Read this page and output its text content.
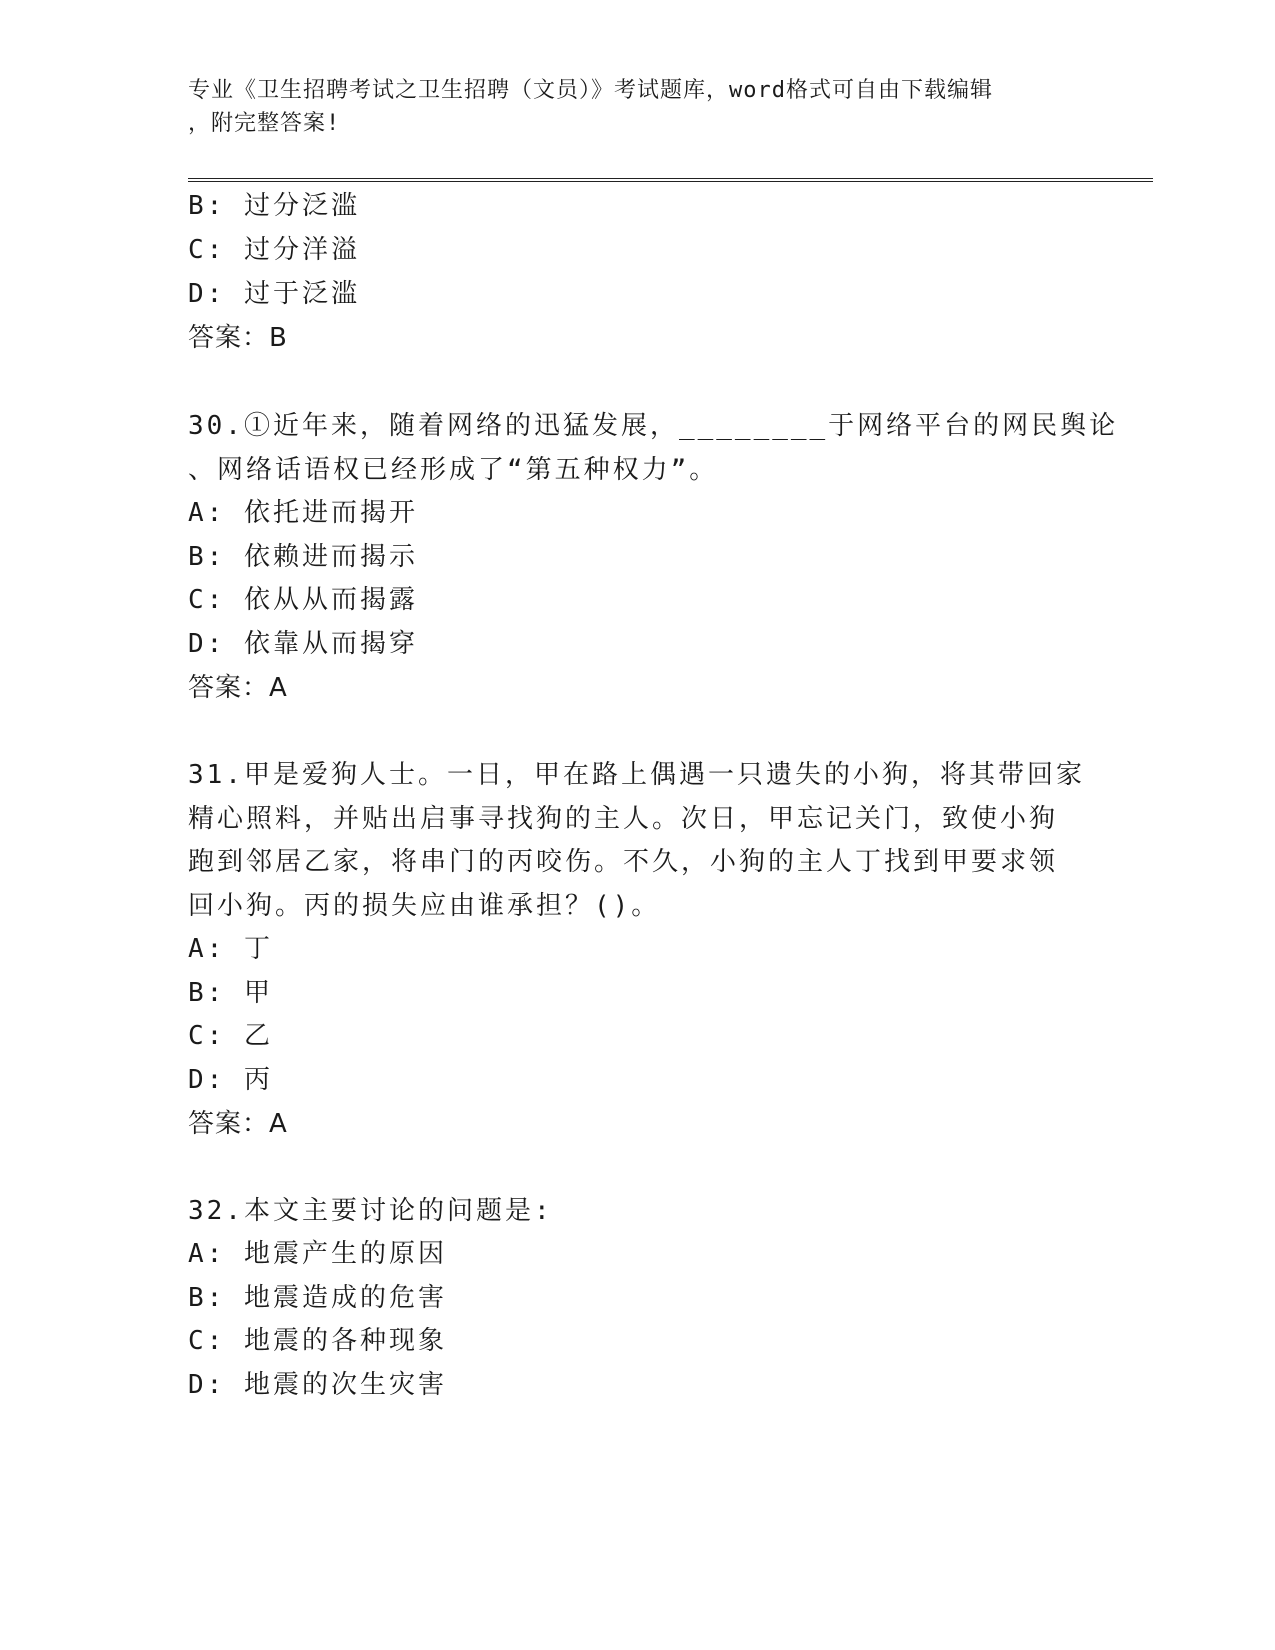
专业《卫生招聘考试之卫生招聘（文员）》考试题库，word格式可自由下载编辑
，附完整答案!
B: 过分泛滥
C: 过分洋溢
D: 过于泛滥
答案：B
30.①近年来，随着网络的迅猛发展，________于网络平台的网民舆论
、网络话语权已经形成了“第五种权力”。
A: 依托进而揭开
B: 依赖进而揭示
C: 依从从而揭露
D: 依靠从而揭穿
答案：A
31.甲是爱狗人士。一日，甲在路上偶遇一只遗失的小狗，将其带回家
精心照料，并贴出启事寻找狗的主人。次日，甲忘记关门，致使小狗
跑到邻居乙家，将串门的丙咬伤。不久，小狗的主人丁找到甲要求领
回小狗。丙的损失应由谁承担？()。
A: 丁
B: 甲
C: 乙
D: 丙
答案：A
32.本文主要讨论的问题是:
A: 地震产生的原因
B: 地震造成的危害
C: 地震的各种现象
D: 地震的次生灾害
